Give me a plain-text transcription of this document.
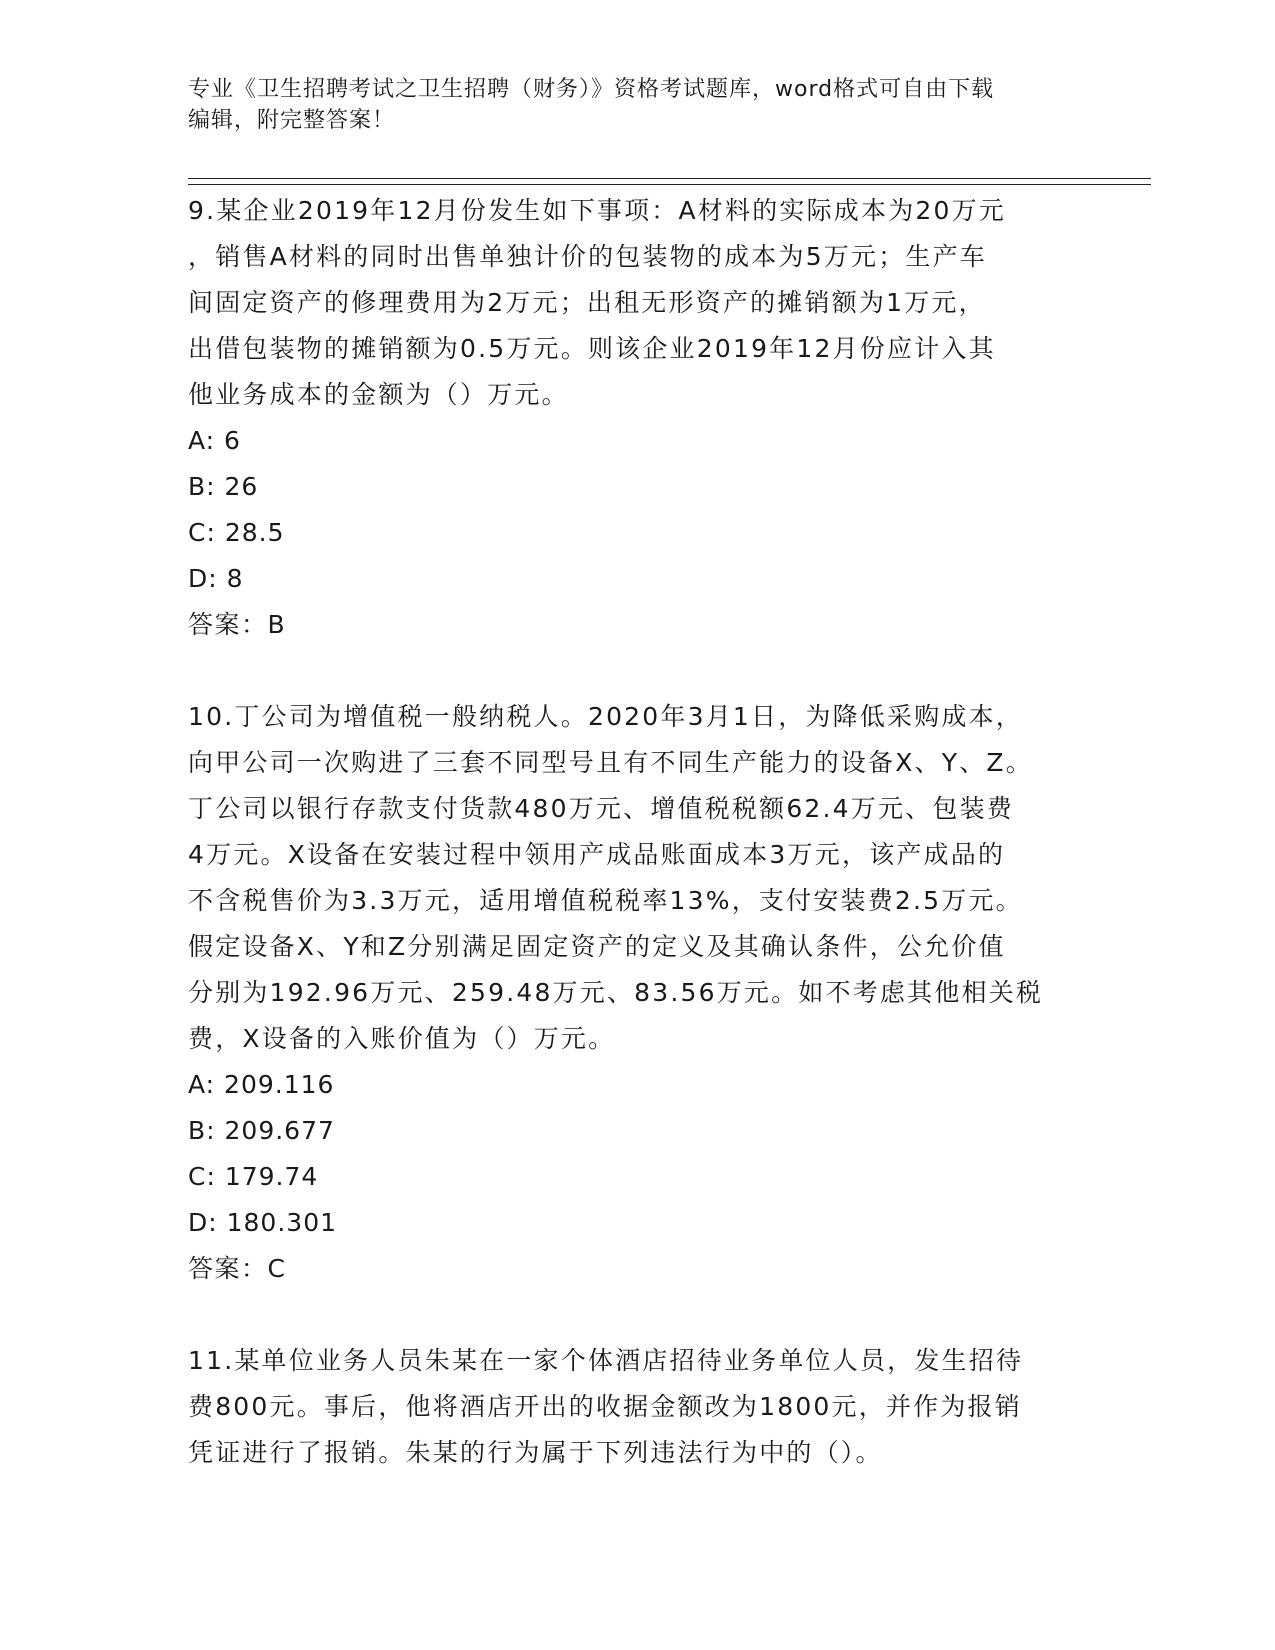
专业《卫生招聘考试之卫生招聘（财务）》资格考试题库，word格式可自由下载
编辑，附完整答案！
9.某企业2019年12月份发生如下事项：A材料的实际成本为20万元
，销售A材料的同时出售单独计价的包装物的成本为5万元；生产车
间固定资产的修理费用为2万元；出租无形资产的摊销额为1万元，
出借包装物的摊销额为0.5万元。则该企业2019年12月份应计入其
他业务成本的金额为（）万元。
A: 6
B: 26
C: 28.5
D: 8
答案：B
10.丁公司为增值税一般纳税人。2020年3月1日，为降低采购成本，
向甲公司一次购进了三套不同型号且有不同生产能力的设备X、Y、Z。
丁公司以银行存款支付货款480万元、增值税税额62.4万元、包装费
4万元。X设备在安装过程中领用产成品账面成本3万元，该产成品的
不含税售价为3.3万元，适用增值税税率13%，支付安装费2.5万元。
假定设备X、Y和Z分别满足固定资产的定义及其确认条件，公允价值
分别为192.96万元、259.48万元、83.56万元。如不考虑其他相关税
费，X设备的入账价值为（）万元。
A: 209.116
B: 209.677
C: 179.74
D: 180.301
答案：C
11.某单位业务人员朱某在一家个体酒店招待业务单位人员，发生招待
费800元。事后，他将酒店开出的收据金额改为1800元，并作为报销
凭证进行了报销。朱某的行为属于下列违法行为中的（）。
